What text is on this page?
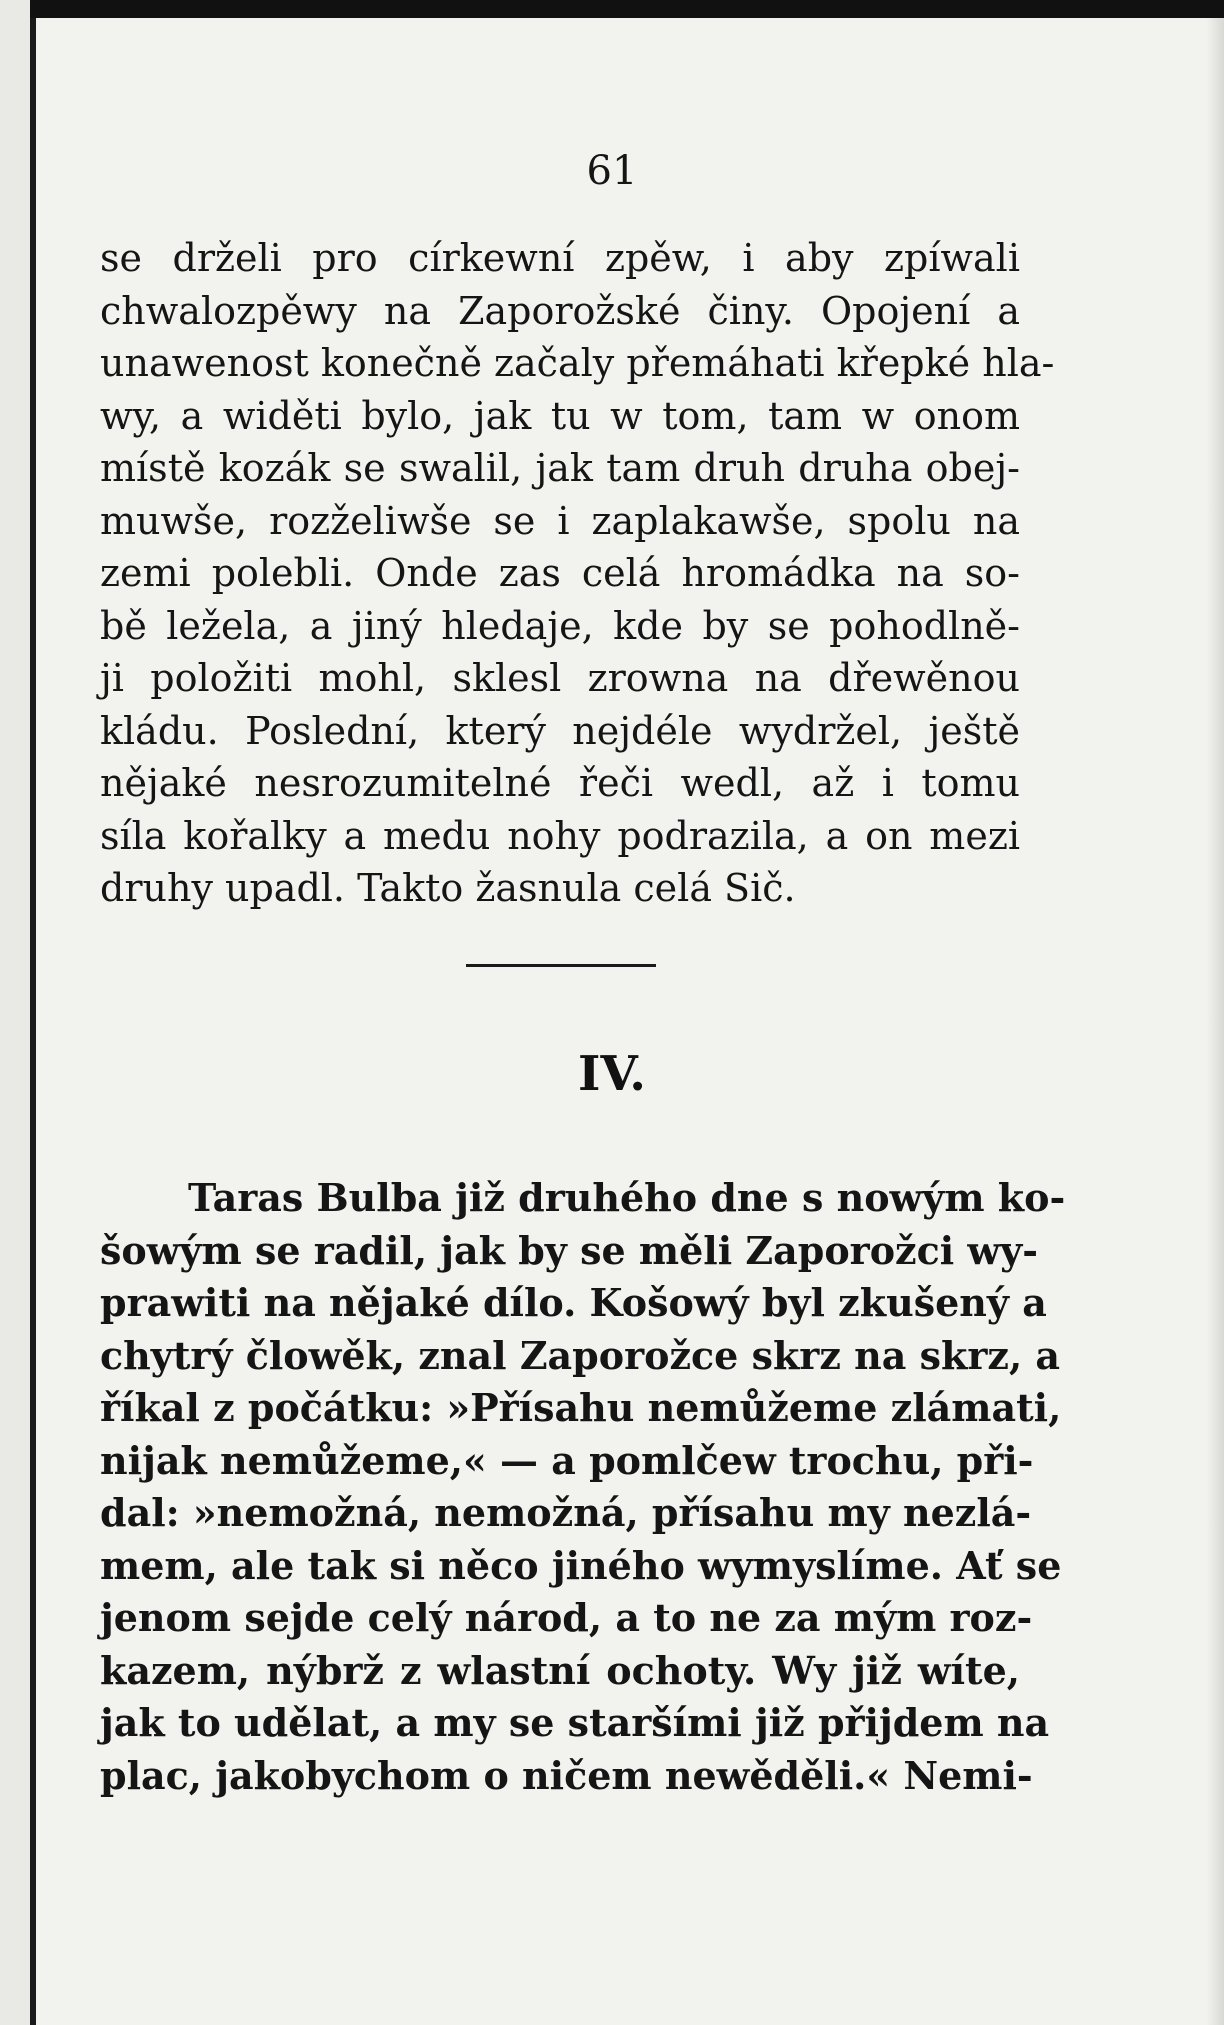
61
se drželi pro církewní zpěw, i aby zpíwali
chwalozpěwy na Zaporožské činy. Opojení a
unawenost konečně začaly přemáhati křepké hla-
wy, a widěti bylo, jak tu w tom, tam w onom
místě kozák se swalil, jak tam druh druha obej-
muwše, rozželiwše se i zaplakawše, spolu na
zemi polebli. Onde zas celá hromádka na so-
bě ležela, a jiný hledaje, kde by se pohodlně-
ji položiti mohl, sklesl zrowna na dřewěnou
kládu. Poslední, který nejdéle wydržel, ještě
nějaké nesrozumitelné řeči wedl, až i tomu
síla kořalky a medu nohy podrazila, a on mezi
druhy upadl. Takto žasnula celá Sič.
IV.
Taras Bulba již druhého dne s nowým ko-
šowým se radil, jak by se měli Zaporožci wy-
prawiti na nějaké dílo. Košowý byl zkušený a
chytrý člowěk, znal Zaporožce skrz na skrz, a
říkal z počátku: »Přísahu nemůžeme zlámati,
nijak nemůžeme,« — a pomlčew trochu, při-
dal: »nemožná, nemožná, přísahu my nezlá-
mem, ale tak si něco jiného wymyslíme. Ať se
jenom sejde celý národ, a to ne za mým roz-
kazem, nýbrž z wlastní ochoty. Wy již wíte,
jak to udělat, a my se staršími již přijdem na
plac, jakobychom o ničem newěděli.« Nemi-
